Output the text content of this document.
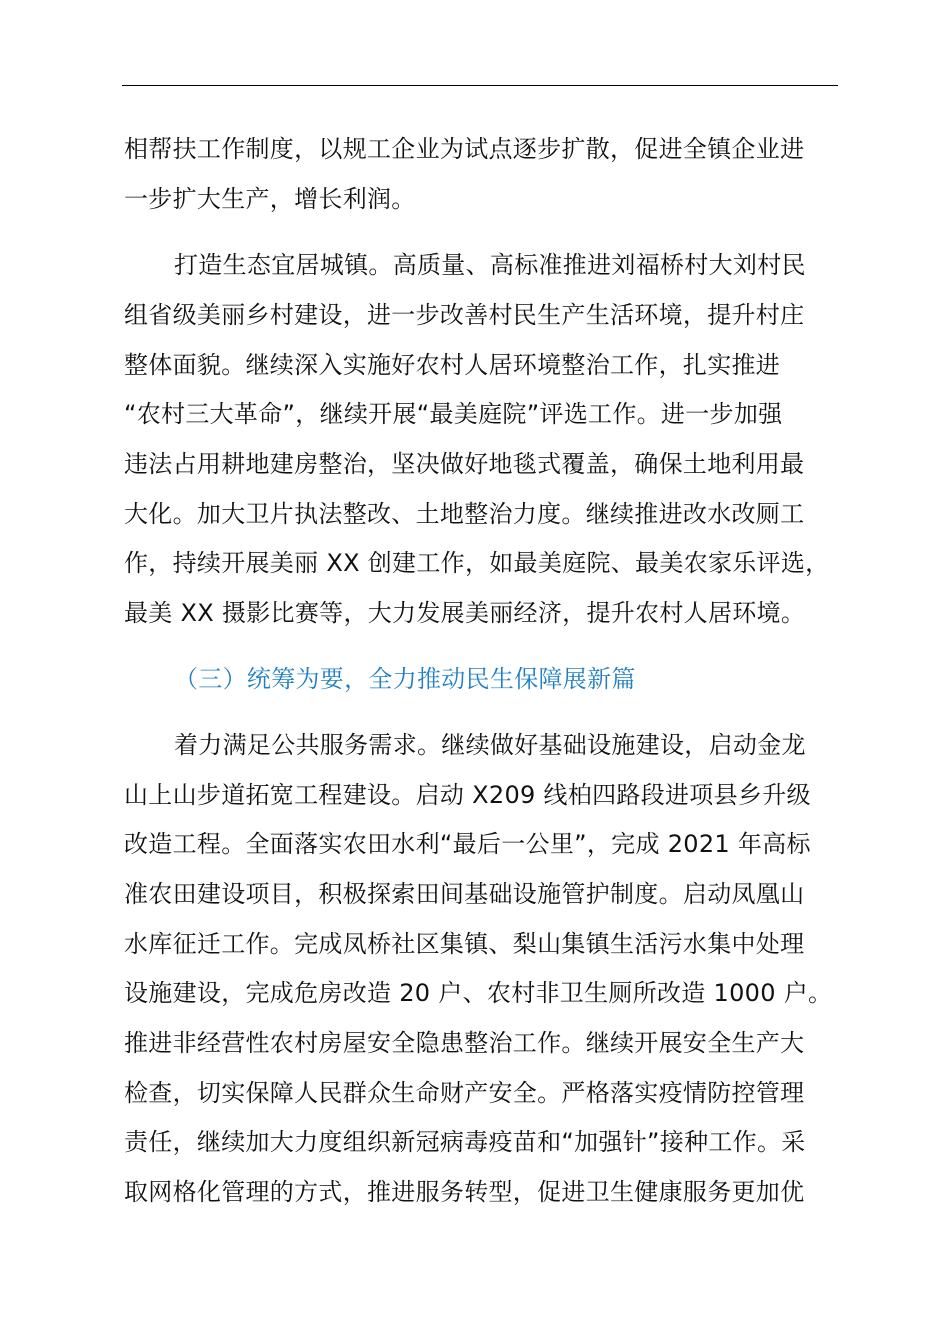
相帮扶工作制度，以规工企业为试点逐步扩散，促进全镇企业进
一步扩大生产，增长利润。
打造生态宜居城镇。高质量、高标准推进刘福桥村大刘村民
组省级美丽乡村建设，进一步改善村民生产生活环境，提升村庄
整体面貌。继续深入实施好农村人居环境整治工作，扎实推进
“农村三大革命”，继续开展“最美庭院”评选工作。进一步加强
违法占用耕地建房整治，坚决做好地毯式覆盖，确保土地利用最
大化。加大卫片执法整改、土地整治力度。继续推进改水改厕工
作，持续开展美丽 XX 创建工作，如最美庭院、最美农家乐评选，
最美 XX 摄影比赛等，大力发展美丽经济，提升农村人居环境。
（三）统筹为要，全力推动民生保障展新篇
着力满足公共服务需求。继续做好基础设施建设，启动金龙
山上山步道拓宽工程建设。启动 X209 线柏四路段进项县乡升级
改造工程。全面落实农田水利“最后一公里”，完成 2021 年高标
准农田建设项目，积极探索田间基础设施管护制度。启动凤凰山
水库征迁工作。完成凤桥社区集镇、梨山集镇生活污水集中处理
设施建设，完成危房改造 20 户、农村非卫生厕所改造 1000 户。
推进非经营性农村房屋安全隐患整治工作。继续开展安全生产大
检查，切实保障人民群众生命财产安全。严格落实疫情防控管理
责任，继续加大力度组织新冠病毒疫苗和“加强针”接种工作。采
取网格化管理的方式，推进服务转型，促进卫生健康服务更加优
